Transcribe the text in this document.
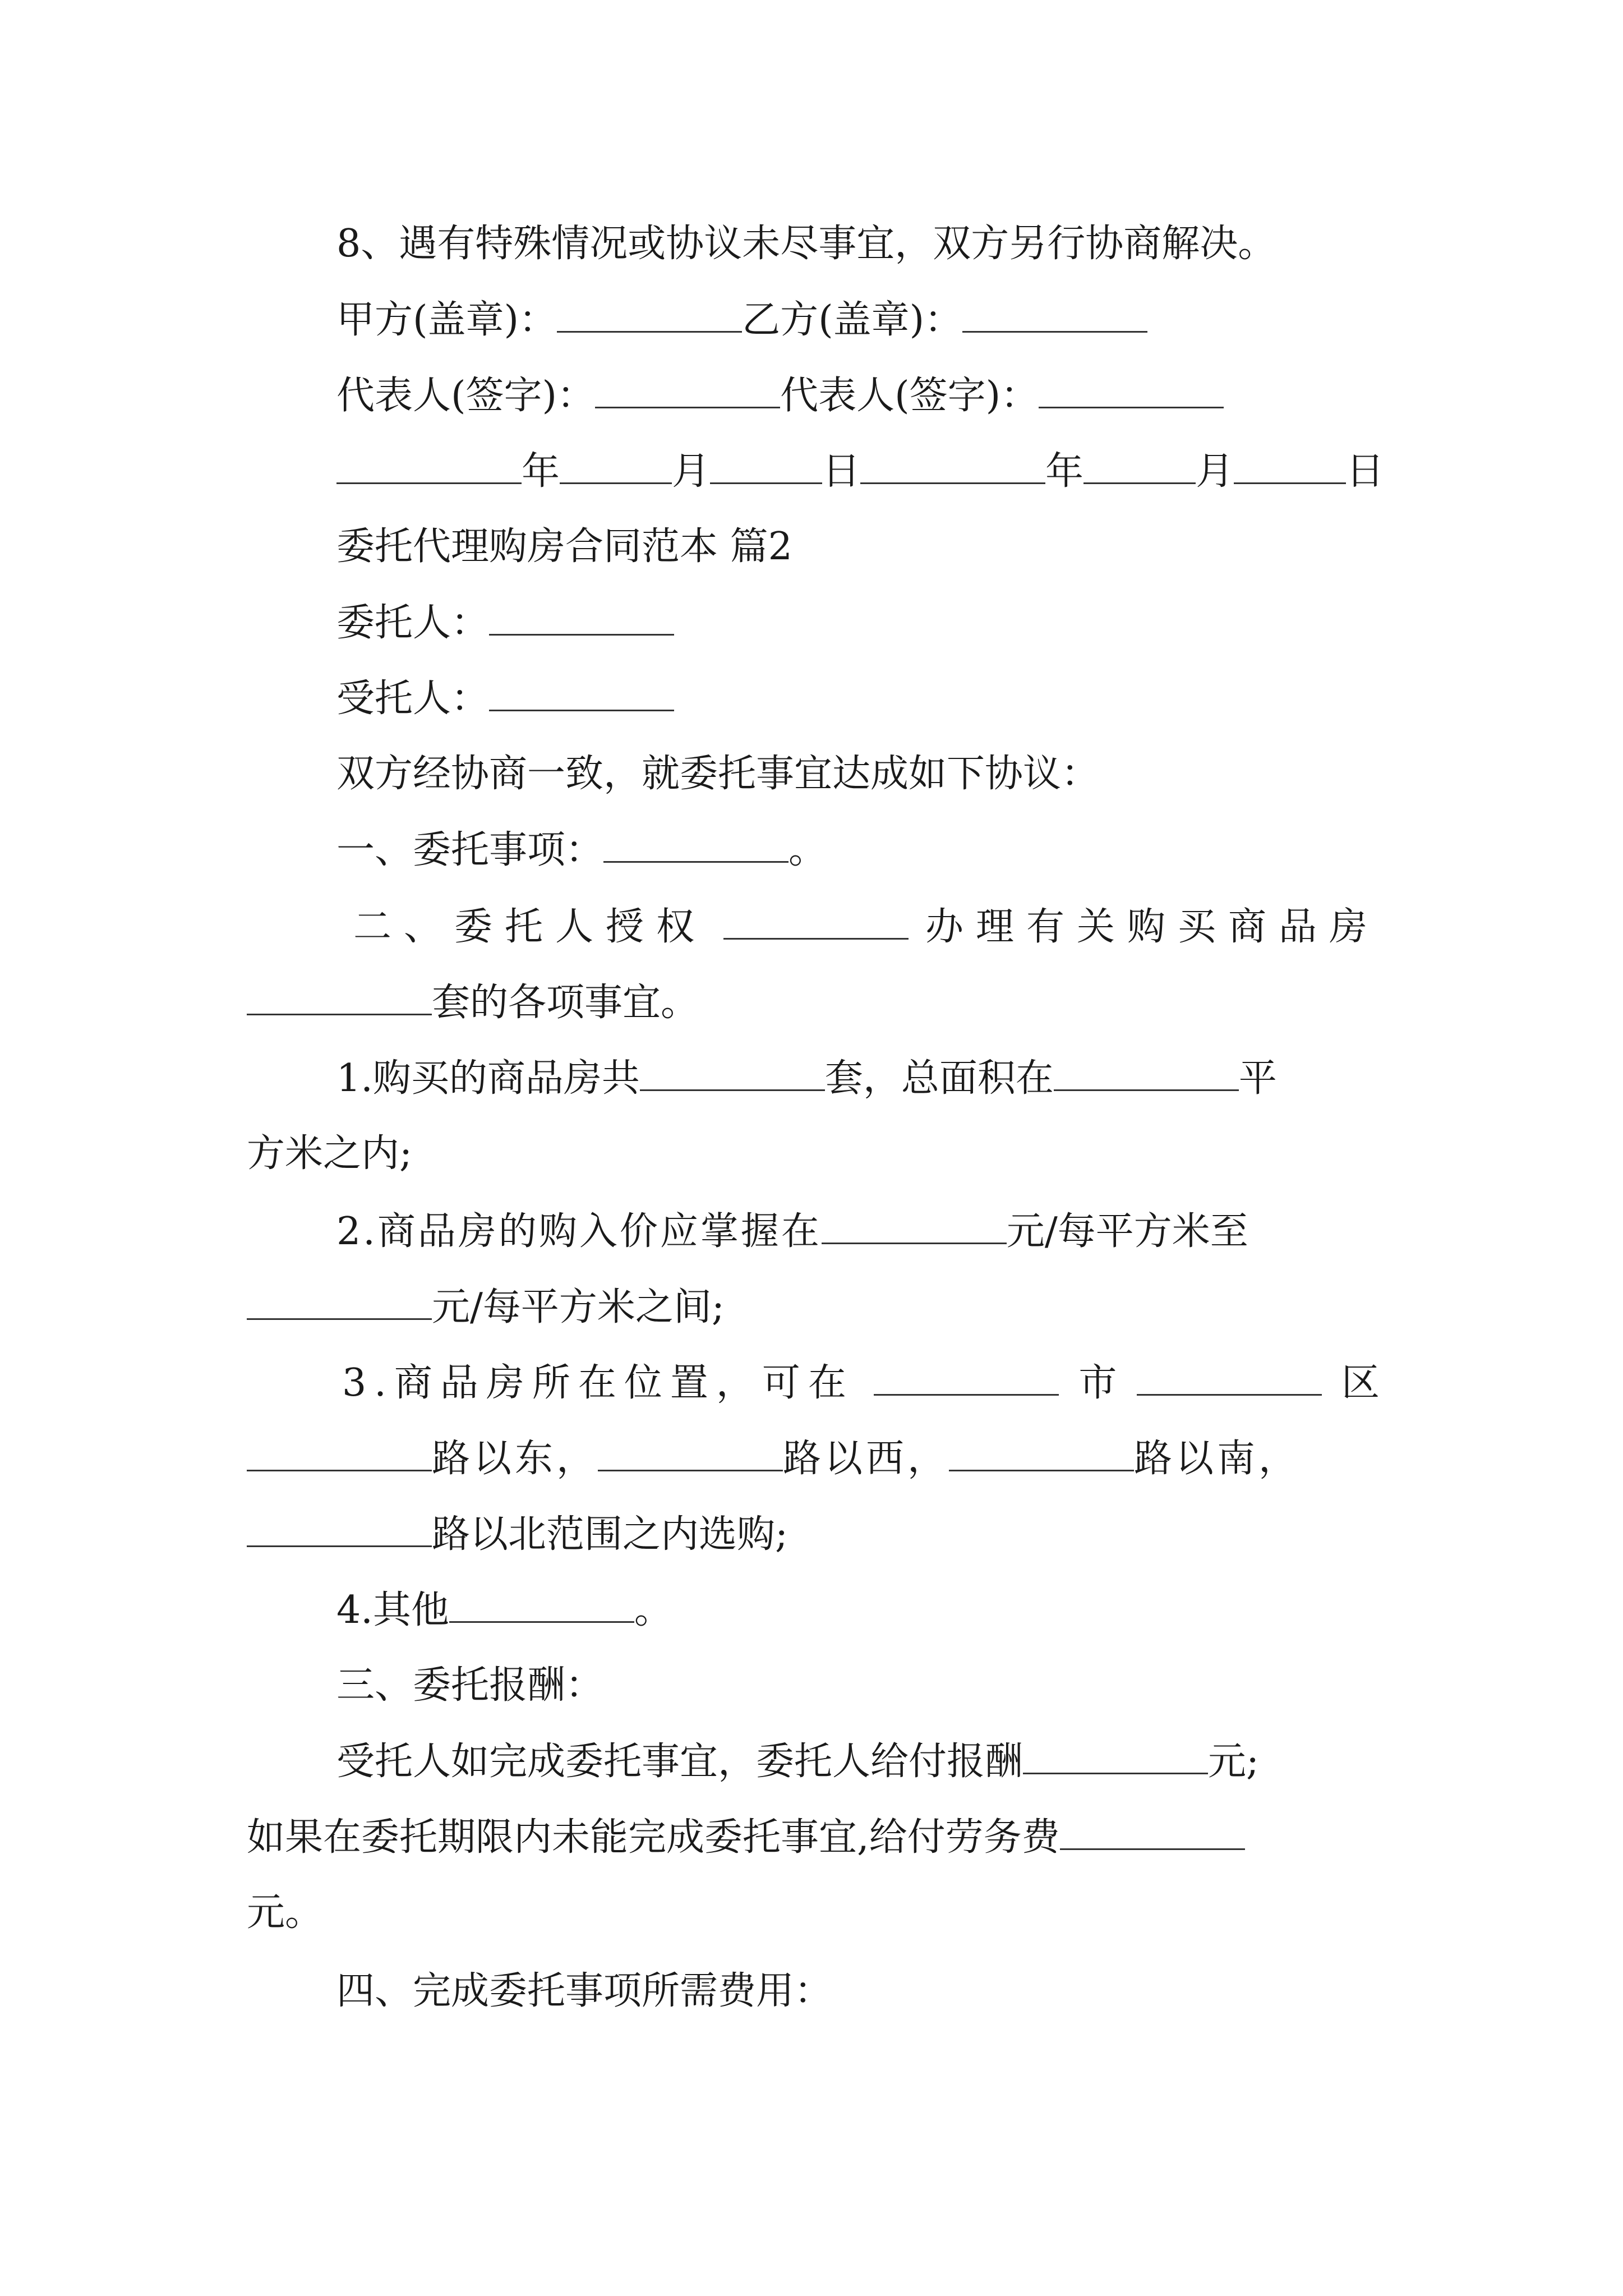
8、遇有特殊情况或协议未尽事宜，双方另行协商解决。
甲方(盖章)：	乙方(盖章)：
代表人(签字)：	代表人(签字)：
年	月	日	年	月	日
委托代理购房合同范本 篇2
委托人：
受托人：
双方经协商一致，就委托事宜达成如下协议：
一、委托事项：	。
二、委托人授权	办理有关购买商品房
套的各项事宜。
1.购买的商品房共	套，总面积在	平
方米之内;
2.商品房的购入价应掌握在	元/每平方米至
元/每平方米之间;
3.商品房所在位置，可在	市	区
路以东，	路以西，	路以南，
路以北范围之内选购;
4.其他	。
三、委托报酬：
受托人如完成委托事宜，委托人给付报酬	元;
如果在委托期限内未能完成委托事宜,给付劳务费
元。
四、完成委托事项所需费用：
